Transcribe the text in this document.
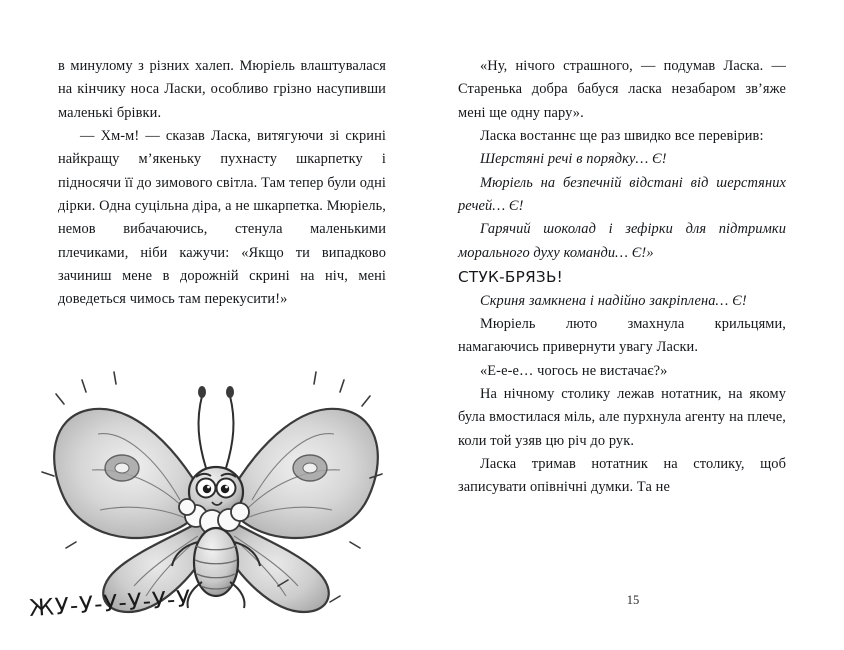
в минулому з різних халеп. Мюріель влаштувалася на кінчику носа Ласки, особливо грізно насупивши маленькі брівки.

— Хм-м! — сказав Ласка, витягуючи зі скрині найкращу м’якеньку пухнасту шкарпетку і підносячи її до зимового світла. Там тепер були одні дірки. Одна суцільна діра, а не шкарпетка. Мюріель, немов вибачаючись, стенула маленькими плечиками, ніби кажучи: «Якщо ти випадково зачиниш мене в дорожній скрині на ніч, мені доведеться чимось там перекусити!»

ЖУ-У-У-У-У-У

«Ну, нічого страшного, — подумав Ласка. — Старенька добра бабуся ласка незабаром зв’яже мені ще одну пару».

Ласка востаннє ще раз швидко все перевірив:

Шерстяні речі в порядку… Є!

Мюріель на безпечній відстані від шерстяних речей… Є!

Гарячий шоколад і зефірки для підтримки морального духу команди… Є!»

СТУК-БРЯЗЬ!

Скриня замкнена і надійно закріплена… Є!

Мюріель люто змахнула крильцями, намагаючись привернути увагу Ласки.

«Е-е-е… чогось не вистачає?»

На нічному столику лежав нотатник, на якому була вмостилася міль, але пурхнула агенту на плече, коли той узяв цю річ до рук.

Ласка тримав нотатник на столику, щоб записувати опівнічні думки. Та не

15
